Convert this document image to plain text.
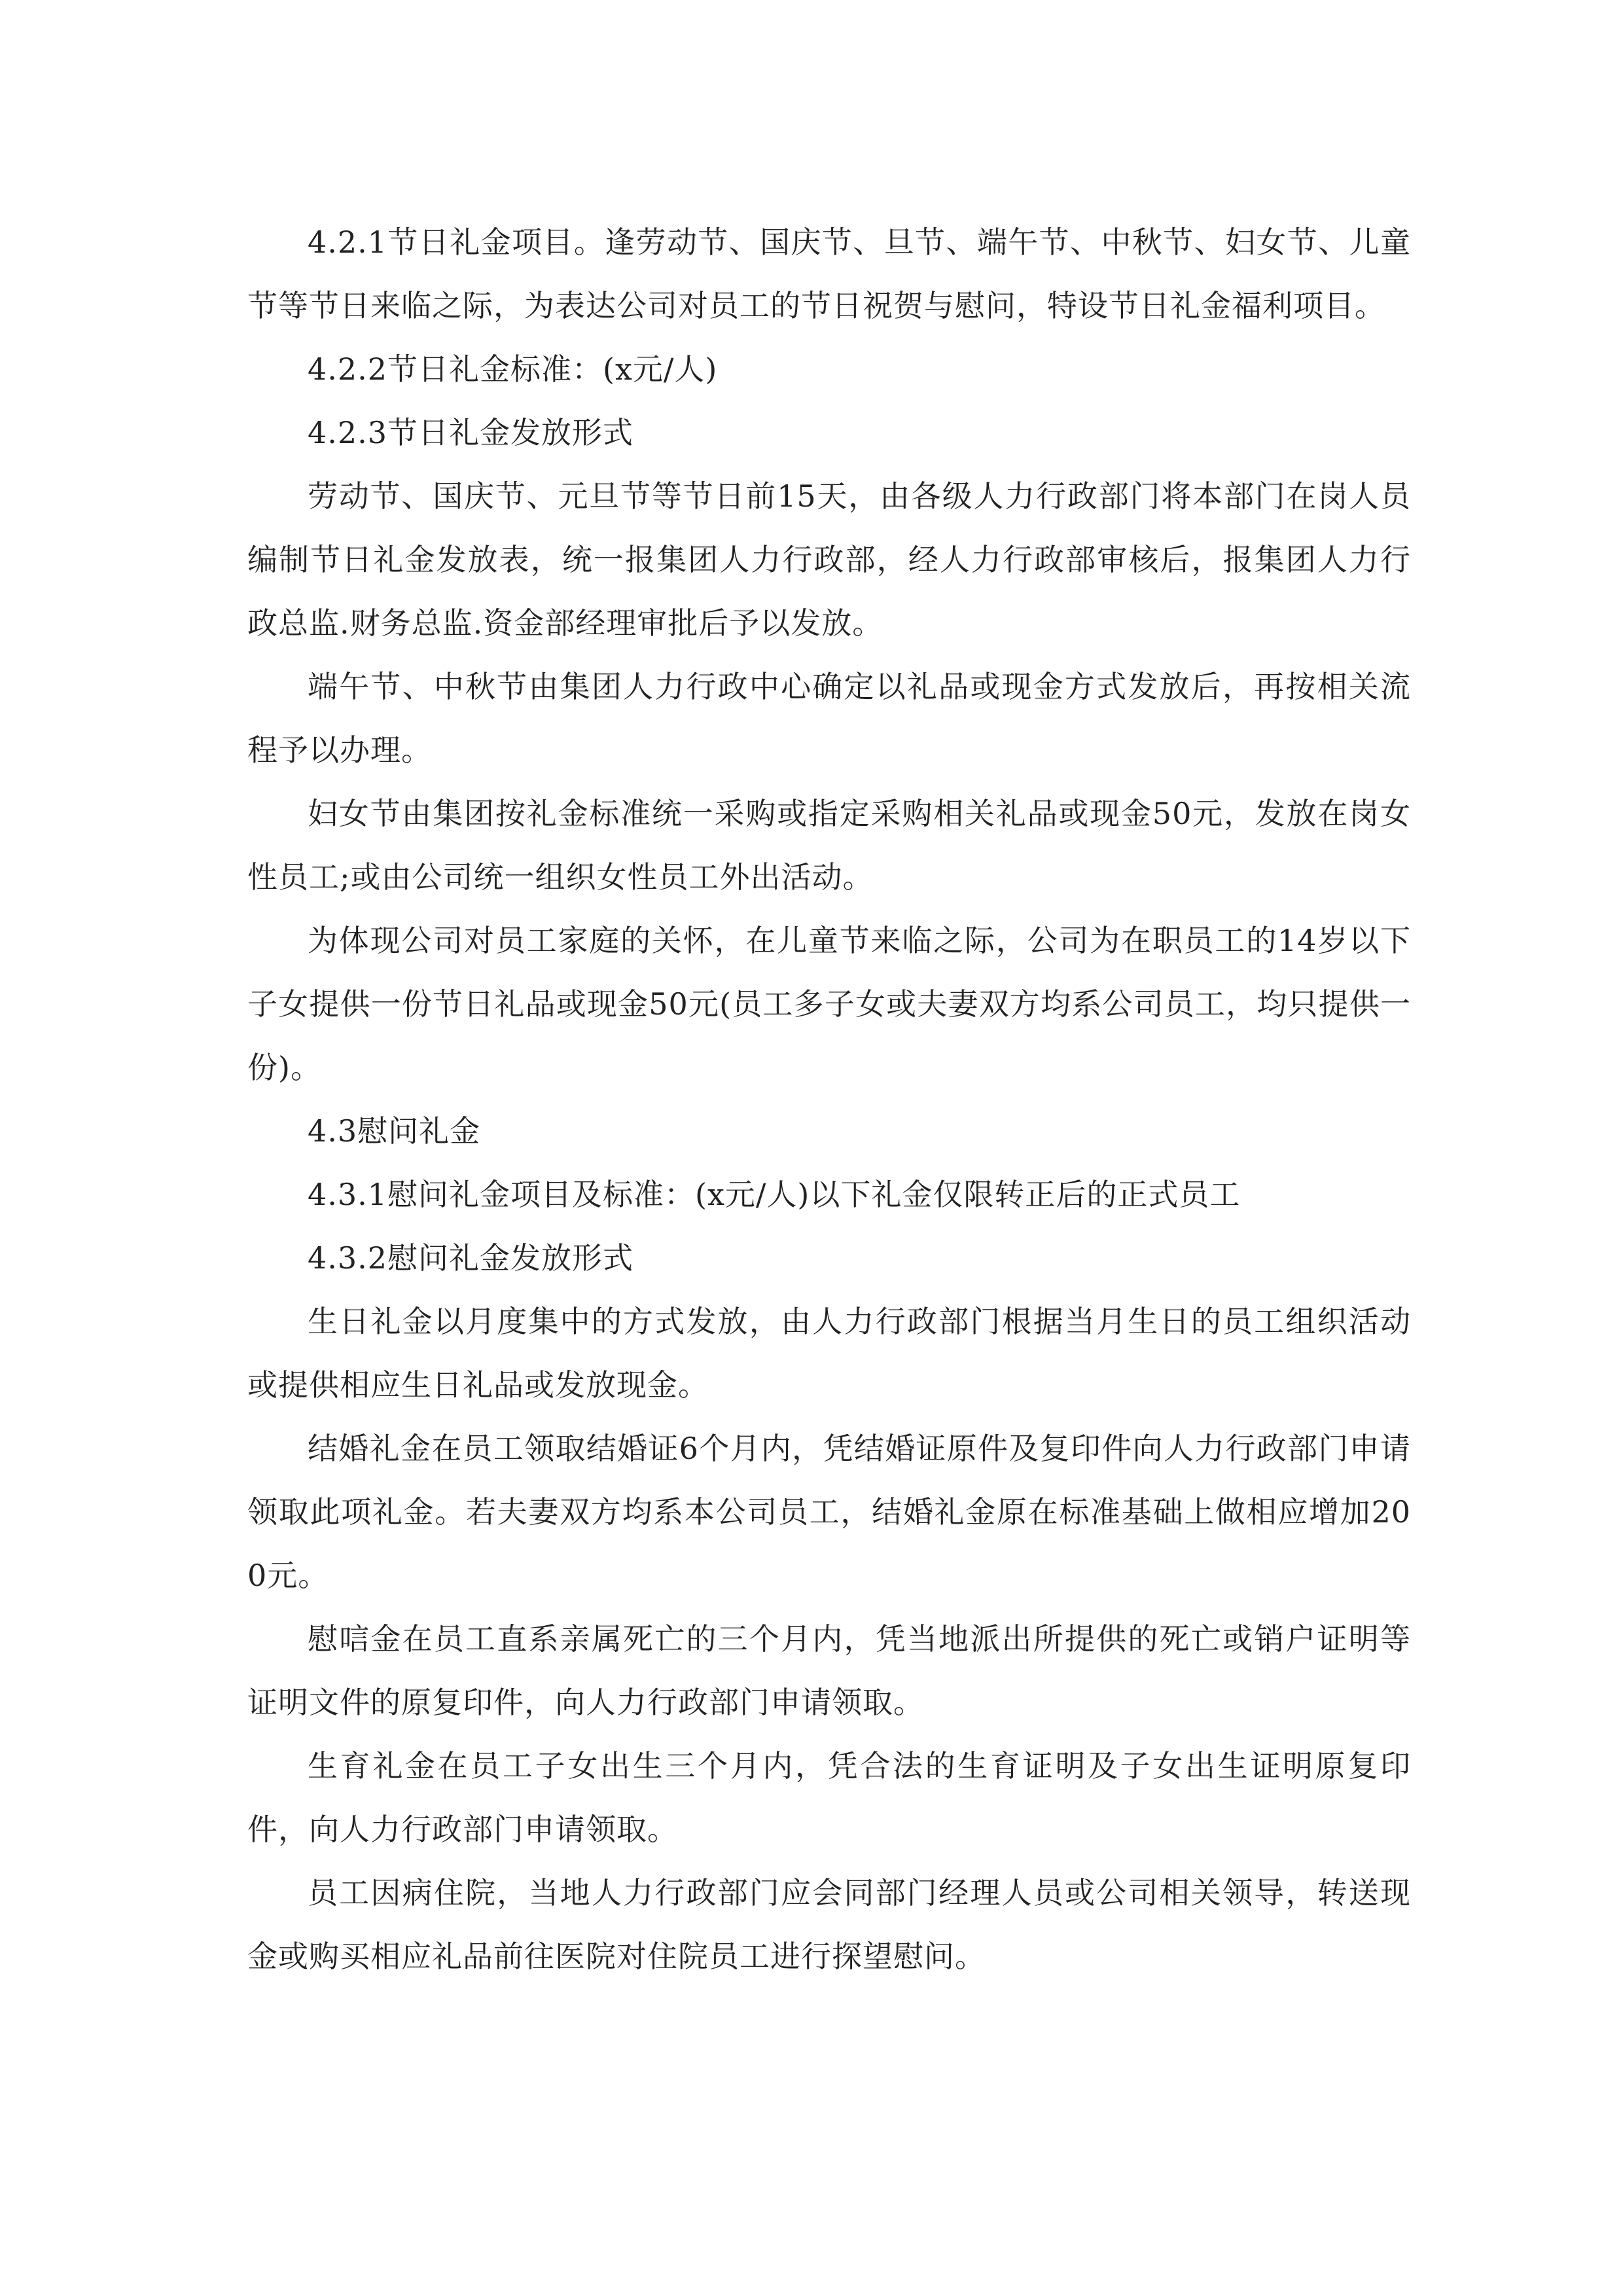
4.2.1节日礼金项目。逢劳动节、国庆节、旦节、端午节、中秋节、妇女节、儿童节等节日来临之际，为表达公司对员工的节日祝贺与慰问，特设节日礼金福利项目。

4.2.2节日礼金标准：(x元/人)

4.2.3节日礼金发放形式

劳动节、国庆节、元旦节等节日前15天，由各级人力行政部门将本部门在岗人员编制节日礼金发放表，统一报集团人力行政部，经人力行政部审核后，报集团人力行政总监.财务总监.资金部经理审批后予以发放。

端午节、中秋节由集团人力行政中心确定以礼品或现金方式发放后，再按相关流程予以办理。

妇女节由集团按礼金标准统一采购或指定采购相关礼品或现金50元，发放在岗女性员工;或由公司统一组织女性员工外出活动。

为体现公司对员工家庭的关怀，在儿童节来临之际，公司为在职员工的14岁以下子女提供一份节日礼品或现金50元(员工多子女或夫妻双方均系公司员工，均只提供一份)。

4.3慰问礼金

4.3.1慰问礼金项目及标准：(x元/人)以下礼金仅限转正后的正式员工

4.3.2慰问礼金发放形式

生日礼金以月度集中的方式发放，由人力行政部门根据当月生日的员工组织活动或提供相应生日礼品或发放现金。

结婚礼金在员工领取结婚证6个月内，凭结婚证原件及复印件向人力行政部门申请领取此项礼金。若夫妻双方均系本公司员工，结婚礼金原在标准基础上做相应增加200元。

慰唁金在员工直系亲属死亡的三个月内，凭当地派出所提供的死亡或销户证明等证明文件的原复印件，向人力行政部门申请领取。

生育礼金在员工子女出生三个月内，凭合法的生育证明及子女出生证明原复印件，向人力行政部门申请领取。

员工因病住院，当地人力行政部门应会同部门经理人员或公司相关领导，转送现金或购买相应礼品前往医院对住院员工进行探望慰问。
